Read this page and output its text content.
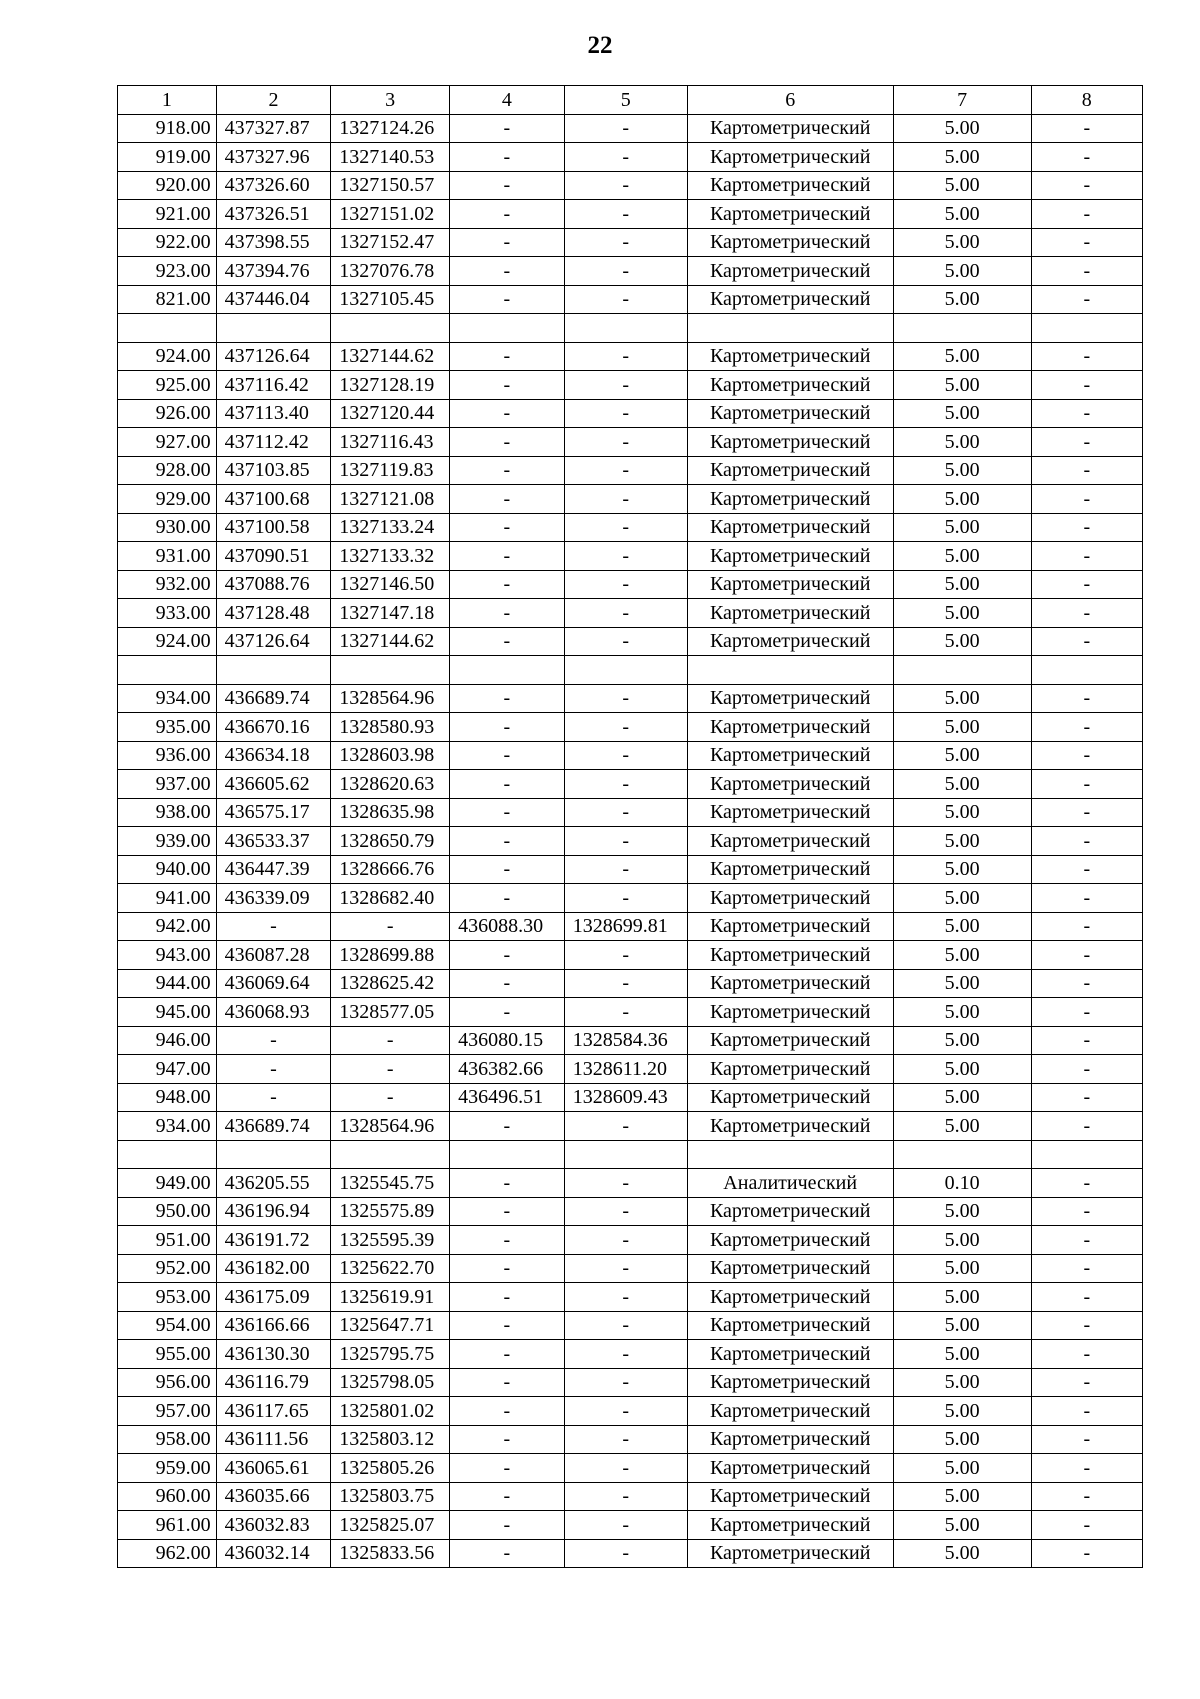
22
1	2	3	4	5	6	7	8
918.00	437327.87	1327124.26	-	-	Картометрический	5.00	-
919.00	437327.96	1327140.53	-	-	Картометрический	5.00	-
920.00	437326.60	1327150.57	-	-	Картометрический	5.00	-
921.00	437326.51	1327151.02	-	-	Картометрический	5.00	-
922.00	437398.55	1327152.47	-	-	Картометрический	5.00	-
923.00	437394.76	1327076.78	-	-	Картометрический	5.00	-
821.00	437446.04	1327105.45	-	-	Картометрический	5.00	-

924.00	437126.64	1327144.62	-	-	Картометрический	5.00	-
925.00	437116.42	1327128.19	-	-	Картометрический	5.00	-
926.00	437113.40	1327120.44	-	-	Картометрический	5.00	-
927.00	437112.42	1327116.43	-	-	Картометрический	5.00	-
928.00	437103.85	1327119.83	-	-	Картометрический	5.00	-
929.00	437100.68	1327121.08	-	-	Картометрический	5.00	-
930.00	437100.58	1327133.24	-	-	Картометрический	5.00	-
931.00	437090.51	1327133.32	-	-	Картометрический	5.00	-
932.00	437088.76	1327146.50	-	-	Картометрический	5.00	-
933.00	437128.48	1327147.18	-	-	Картометрический	5.00	-
924.00	437126.64	1327144.62	-	-	Картометрический	5.00	-

934.00	436689.74	1328564.96	-	-	Картометрический	5.00	-
935.00	436670.16	1328580.93	-	-	Картометрический	5.00	-
936.00	436634.18	1328603.98	-	-	Картометрический	5.00	-
937.00	436605.62	1328620.63	-	-	Картометрический	5.00	-
938.00	436575.17	1328635.98	-	-	Картометрический	5.00	-
939.00	436533.37	1328650.79	-	-	Картометрический	5.00	-
940.00	436447.39	1328666.76	-	-	Картометрический	5.00	-
941.00	436339.09	1328682.40	-	-	Картометрический	5.00	-
942.00	-	-	436088.30	1328699.81	Картометрический	5.00	-
943.00	436087.28	1328699.88	-	-	Картометрический	5.00	-
944.00	436069.64	1328625.42	-	-	Картометрический	5.00	-
945.00	436068.93	1328577.05	-	-	Картометрический	5.00	-
946.00	-	-	436080.15	1328584.36	Картометрический	5.00	-
947.00	-	-	436382.66	1328611.20	Картометрический	5.00	-
948.00	-	-	436496.51	1328609.43	Картометрический	5.00	-
934.00	436689.74	1328564.96	-	-	Картометрический	5.00	-

949.00	436205.55	1325545.75	-	-	Аналитический	0.10	-
950.00	436196.94	1325575.89	-	-	Картометрический	5.00	-
951.00	436191.72	1325595.39	-	-	Картометрический	5.00	-
952.00	436182.00	1325622.70	-	-	Картометрический	5.00	-
953.00	436175.09	1325619.91	-	-	Картометрический	5.00	-
954.00	436166.66	1325647.71	-	-	Картометрический	5.00	-
955.00	436130.30	1325795.75	-	-	Картометрический	5.00	-
956.00	436116.79	1325798.05	-	-	Картометрический	5.00	-
957.00	436117.65	1325801.02	-	-	Картометрический	5.00	-
958.00	436111.56	1325803.12	-	-	Картометрический	5.00	-
959.00	436065.61	1325805.26	-	-	Картометрический	5.00	-
960.00	436035.66	1325803.75	-	-	Картометрический	5.00	-
961.00	436032.83	1325825.07	-	-	Картометрический	5.00	-
962.00	436032.14	1325833.56	-	-	Картометрический	5.00	-
